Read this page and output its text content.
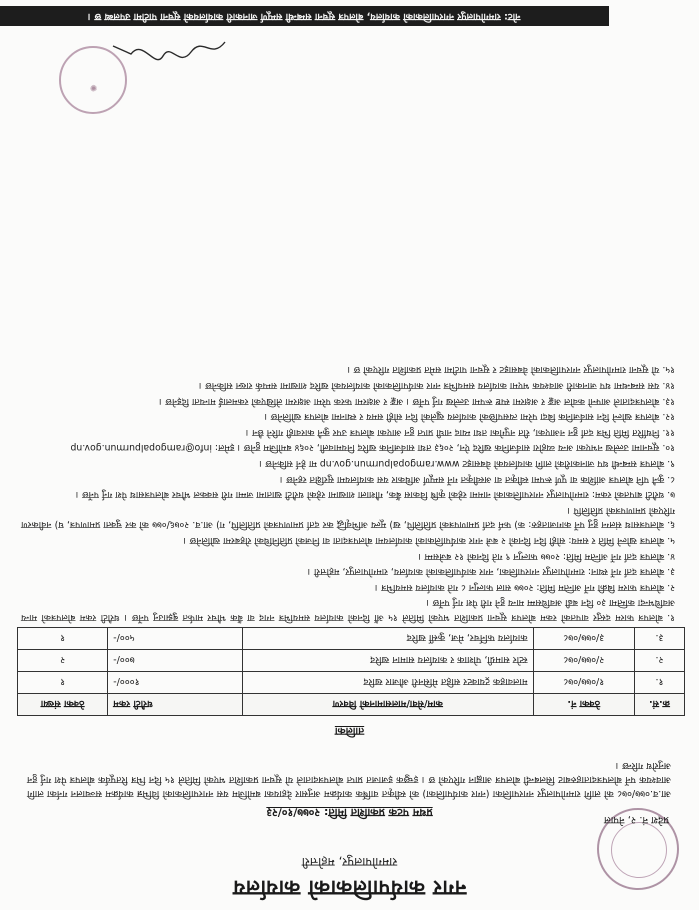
नगर कार्यपालिकाको कार्यालय
रामगोपालपुर, महोत्तरी
प्रदेश नं. २, नेपाल
प्रथम पटक प्रकाशित मिति: २०७७/१०/२३
आ.व.०७७/०७८ को लागि रामगोपालपुर नगरपालिका (नगर कार्यपालिका) को स्वीकृत वार्षिक कार्यक्रम अनुसार देहायका बमोजिम यस नगरपालिकाको विभिन्न कार्यक्रम सञ्चालन गर्नका लागि आवश्यक पर्ने बोलपत्रदाताहरुबाट सिलबन्दी बोलपत्र आह्वान गरिएको छ । इच्छुक इजाजत प्राप्त बोलपत्रदाताले यो सूचना प्रकाशित भएको मितिले १५ दिन भित्र रितपूर्वक बोलपत्र पेश गर्नु हुन अनुरोध गरिन्छ ।
तालिका
क्र.सं.	ठेक्का नं.	काम/सेवा/मालसामानको विवरण	धरौटी रकम	ठेक्का संख्या
१.	१/०७७/०७८	मालवाहक ट्रयाक्टर सहित मेसिनरी औजार खरिद	१०००/-	१
२.	२/०७७/०७८	स्टोर सामग्री, पोशाक र कार्यालय सामान खरिद	७००/-	२
३.	३/०७७/०७८	कार्यालय फर्निचर, मेज, कुर्सी खरिद	५००/-	१
१. बोलपत्र फारम दस्तुर वापतको रकम बोलपत्र सूचना प्रकाशित भएको मितिले १५ औं दिनको कार्यालय समयभित्र नगद वा बैंक भौचर मार्फत बुझाउनु पर्नेछ । धरौटी रकम बोलपत्रको मान्य अवधिभन्दा कम्तिमा ३० दिन बढी अवधिसम्म मान्य हुने गरी पेश गर्नु पर्नेछ ।
२. बोलपत्र फारम बिक्री गर्ने अन्तिम मिति: २०७७ साल फाल्गुन ८ गते कार्यालय समयभित्र ।
३. बोलपत्र दर्ता गर्ने स्थान: रामगोपालपुर नगरपालिका, नगर कार्यपालिकाको कार्यालय, रामगोपालपुर, महोत्तरी ।
४. बोलपत्र दर्ता गर्ने अन्तिम मिति: २०७७ फाल्गुन ९ गते दिनको १२ बजेसम्म ।
५. बोलपत्र खोल्ने मिति र समय: सोही दिन दिनको २ बजे नगर कार्यपालिकाको कार्यालयमा बोलपत्रदाता वा निजको प्रतिनिधिको रोहबरमा खोलिनेछ ।
६. बोलपत्रसाथ संलग्न हुनु पर्ने कागजातहरु: क) फर्म दर्ता प्रमाणपत्रको प्रतिलिपि, ख) मूल्य अभिवृद्धि कर दर्ता प्रमाणपत्रको प्रतिलिपि, ग) आ.व. २०७६/०७७ को कर चुक्ता प्रमाणपत्र, घ) नवीकरण गरिएको प्रमाणपत्रको प्रतिलिपि ।
७. धरौटी बापतको रकम: रामगोपालपुर नगरपालिकाको नाममा रहेको कृषि विकास बैंक, गौशाला शाखामा रहेको धरौटी खातामा जम्मा गरी सक्कल भौचर बोलपत्रसाथ पेश गर्नु पर्नेछ ।
८. कुनै पनि बोलपत्र आंशिक वा पूर्ण रूपमा स्वीकृत वा अस्वीकृत गर्ने सम्पूर्ण अधिकार यस कार्यालयमा सुरक्षित रहनेछ ।
९. बोलपत्र सम्बन्धी थप जानकारीको लागि कार्यालयको वेबसाइट www.ramgopalpurmun.gov.np मा हेर्न सकिनेछ ।
१०. सूचनामा उल्लेख नभएका अन्य व्यहोरा सार्वजनिक खरिद ऐन, २०६३ तथा सार्वजनिक खरिद नियमावली, २०६४ बमोजिम हुनेछ । इमेल: info@ramgopalpurmun.gov.np
११. निर्धारित मिति भित्र दर्ता हुन नआएका, रीत नपुगेका तथा म्याद नाघी प्राप्त हुन आएका बोलपत्र उपर कुनै कारवाही गरिने छैन ।
१२. बोलपत्र खोल्ने दिन सार्वजनिक बिदा परेमा त्यसपछिको कार्यालय खुलेको दिन सोही समय र स्थानमा बोलपत्र खोलिनेछ ।
१३. बोलपत्रदाताले आफ्नो कवोल अङ्क र अक्षरमा स्पष्ट रूपमा उल्लेख गर्नु पर्नेछ । अङ्क र अक्षरमा फरक परेमा अक्षरमा लेखिएको रकमलाई मान्यता दिइनेछ ।
१४. यस सम्बन्धमा थप जानकारी आवश्यक भएमा कार्यालय समयभित्र नगर कार्यपालिकाको कार्यालयको खरिद शाखामा सम्पर्क राख्न सकिनेछ ।
१५. यो सूचना रामगोपालपुर नगरपालिकाको वेबसाइट र सूचना पाटीमा समेत प्रकाशित गरिएको छ ।
✺
नोट: रामगोपालपुर नगरपालिकाको कार्यालय, बोलपत्र सूचना सम्बन्धी सम्पूर्ण जानकारी कार्यालयको सूचना पाटीमा उपलब्ध छ ।
